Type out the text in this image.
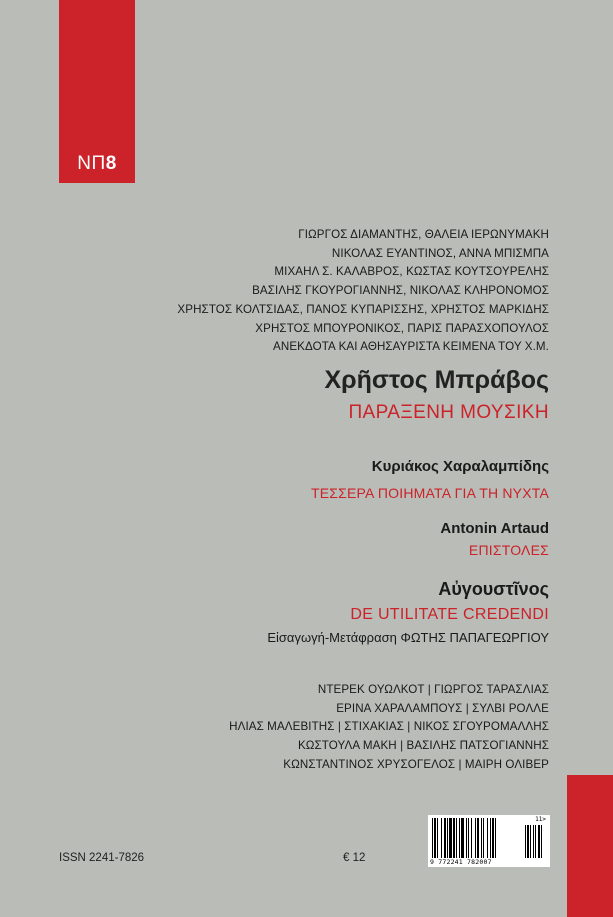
ΝΠ8
ΓΙΩΡΓΟΣ ΔΙΑΜΑΝΤΗΣ, ΘΑΛΕΙΑ ΙΕΡΩΝΥΜΑΚΗ
ΝΙΚΟΛΑΣ ΕΥΑΝΤΙΝΟΣ, ΑΝΝΑ ΜΠΙΣΜΠΑ
ΜΙΧΑΗΛ Σ. ΚΑΛΑΒΡΟΣ, ΚΩΣΤΑΣ ΚΟΥΤΣΟΥΡΕΛΗΣ
ΒΑΣΙΛΗΣ ΓΚΟΥΡΟΓΙΑΝΝΗΣ, ΝΙΚΟΛΑΣ ΚΛΗΡΟΝΟΜΟΣ
ΧΡΗΣΤΟΣ ΚΟΛΤΣΙΔΑΣ, ΠΑΝΟΣ ΚΥΠΑΡΙΣΣΗΣ, ΧΡΗΣΤΟΣ ΜΑΡΚΙΔΗΣ
ΧΡΗΣΤΟΣ ΜΠΟΥΡΟΝΙΚΟΣ, ΠΑΡΙΣ ΠΑΡΑΣΧΟΠΟΥΛΟΣ
ΑΝΕΚΔΟΤΑ ΚΑΙ ΑΘΗΣΑΥΡΙΣΤΑ ΚΕΙΜΕΝΑ ΤΟΥ Χ.Μ.
Χρῆστος Μπράβος
ΠΑΡΑΞΕΝΗ ΜΟΥΣΙΚΗ
Κυριάκος Χαραλαμπίδης
ΤΕΣΣΕΡΑ ΠΟΙΗΜΑΤΑ ΓΙΑ ΤΗ ΝΥΧΤΑ
Antonin Artaud
ΕΠΙΣΤΟΛΕΣ
Αὐγουστῖνος
DE UTILITATE CREDENDI
Εἰσαγωγή-Μετάφραση ΦΩΤΗΣ ΠΑΠΑΓΕΩΡΓΙΟΥ
ΝΤΕΡΕΚ ΟΥΩΛΚΟΤ | ΓΙΩΡΓΟΣ ΤΑΡΑΣΛΙΑΣ
ΕΡΙΝΑ ΧΑΡΑΛΑΜΠΟΥΣ | ΣΥΛΒΙ ΡΟΛΛΕ
ΗΛΙΑΣ ΜΑΛΕΒΙΤΗΣ | ΣΤΙΧΑΚΙΑΣ | ΝΙΚΟΣ ΣΓΟΥΡΟΜΑΛΛΗΣ
ΚΩΣΤΟΥΛΑ ΜΑΚΗ | ΒΑΣΙΛΗΣ ΠΑΤΣΟΓΙΑΝΝΗΣ
ΚΩΝΣΤΑΝΤΙΝΟΣ ΧΡΥΣΟΓΕΛΟΣ | ΜΑΙΡΗ ΟΛΙΒΕΡ
ISSN 2241-7826	€ 12
11>
9 772241 782007
